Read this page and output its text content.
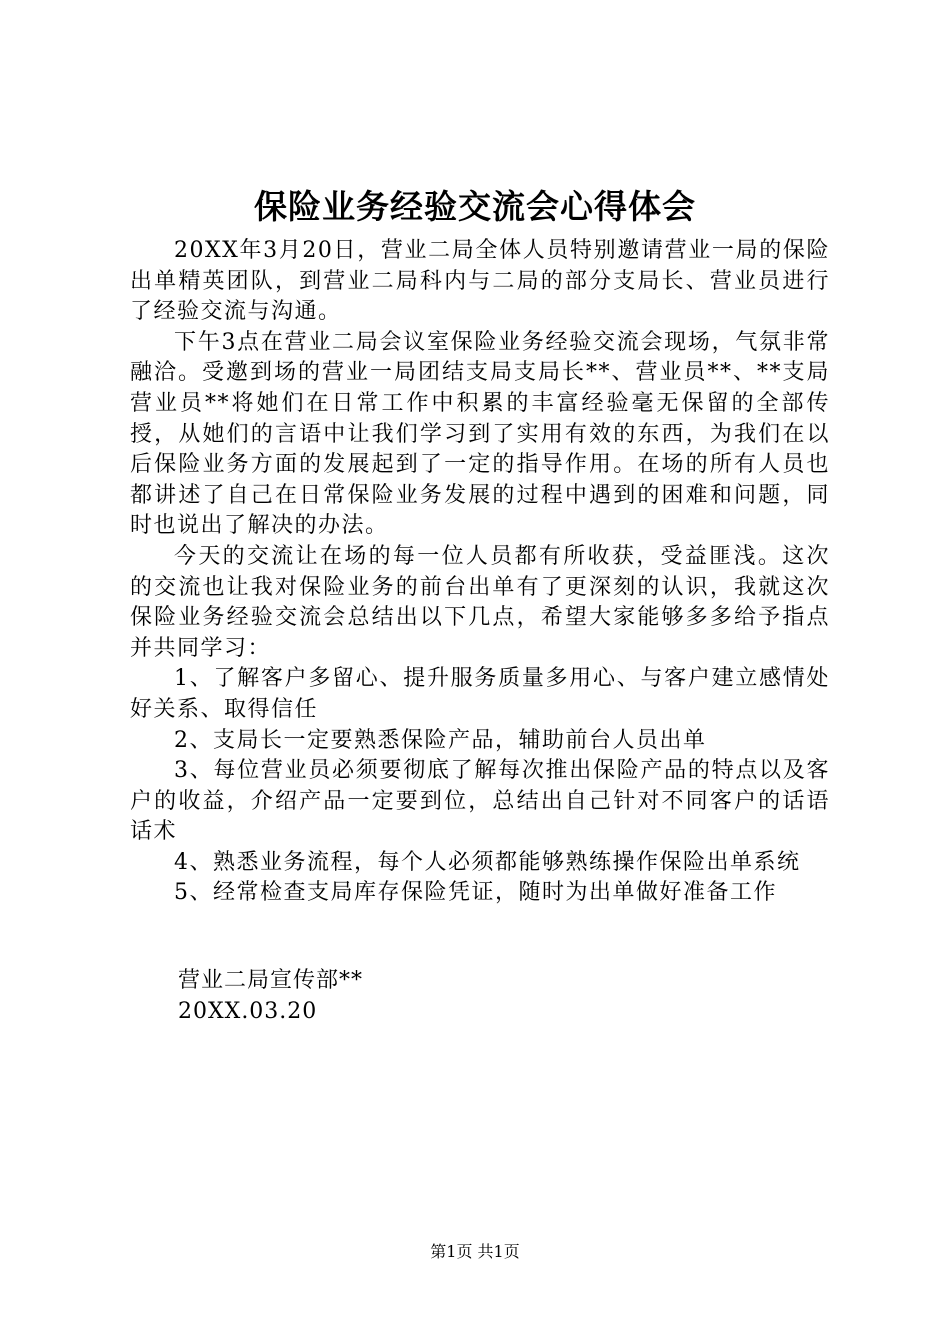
保险业务经验交流会心得体会

20XX年3月20日，营业二局全体人员特别邀请营业一局的保险出单精英团队，到营业二局科内与二局的部分支局长、营业员进行了经验交流与沟通。

下午3点在营业二局会议室保险业务经验交流会现场，气氛非常融洽。受邀到场的营业一局团结支局支局长**、营业员**、**支局营业员**将她们在日常工作中积累的丰富经验毫无保留的全部传授，从她们的言语中让我们学习到了实用有效的东西，为我们在以后保险业务方面的发展起到了一定的指导作用。在场的所有人员也都讲述了自己在日常保险业务发展的过程中遇到的困难和问题，同时也说出了解决的办法。

今天的交流让在场的每一位人员都有所收获，受益匪浅。这次的交流也让我对保险业务的前台出单有了更深刻的认识，我就这次保险业务经验交流会总结出以下几点，希望大家能够多多给予指点并共同学习：

1、了解客户多留心、提升服务质量多用心、与客户建立感情处好关系、取得信任

2、支局长一定要熟悉保险产品，辅助前台人员出单

3、每位营业员必须要彻底了解每次推出保险产品的特点以及客户的收益，介绍产品一定要到位，总结出自己针对不同客户的话语话术

4、熟悉业务流程，每个人必须都能够熟练操作保险出单系统

5、经常检查支局库存保险凭证，随时为出单做好准备工作

营业二局宣传部**
20XX.03.20
第1页 共1页
